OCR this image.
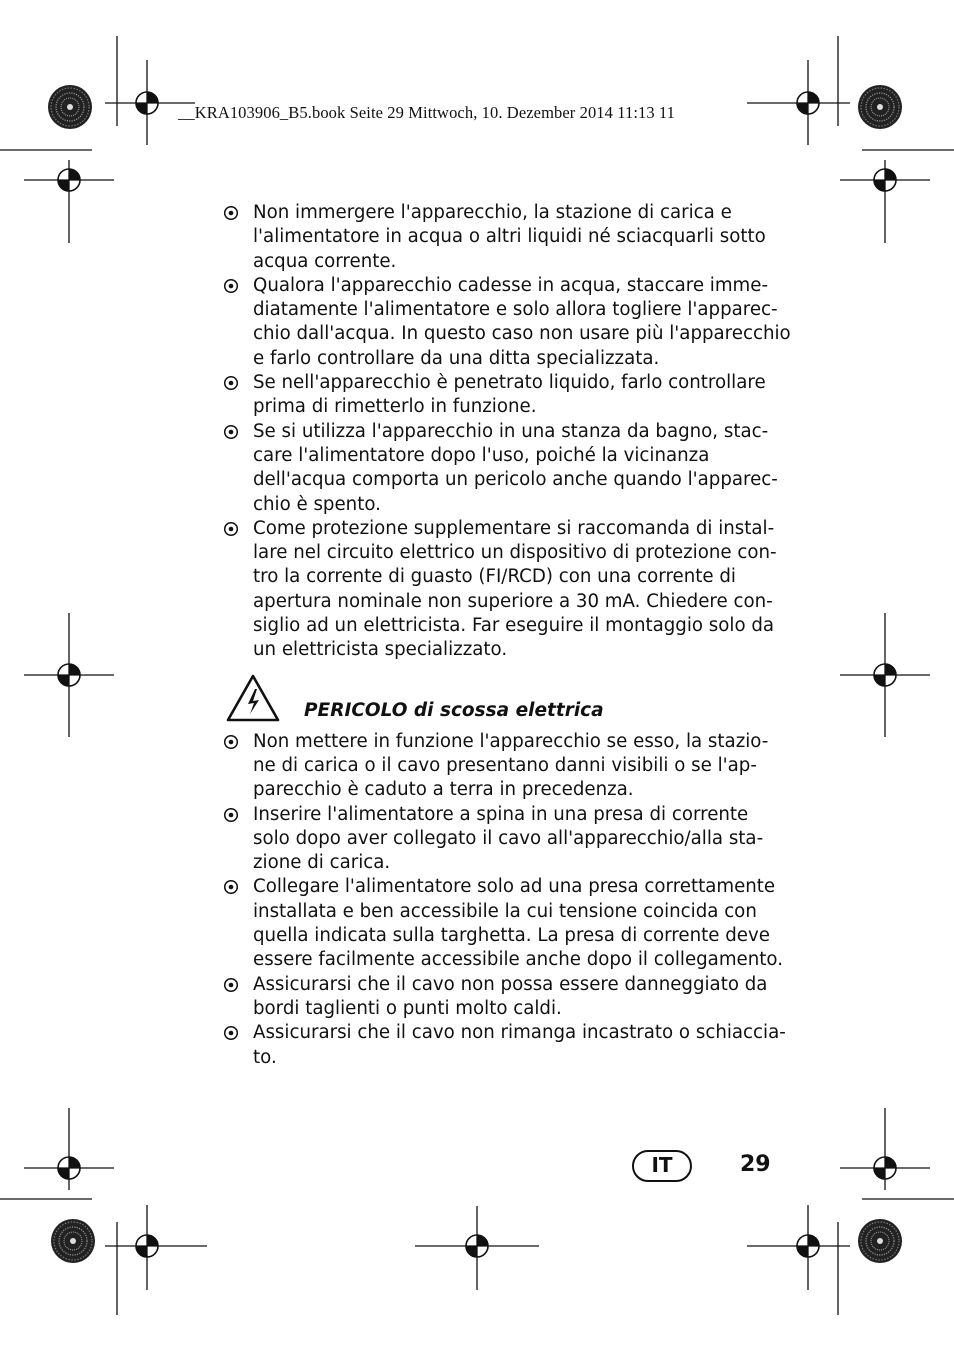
__KRA103906_B5.book Seite 29 Mittwoch, 10. Dezember 2014 11:13 11
Non immergere l'apparecchio, la stazione di carica e
l'alimentatore in acqua o altri liquidi né sciacquarli sotto
acqua corrente.
Qualora l'apparecchio cadesse in acqua, staccare imme-
diatamente l'alimentatore e solo allora togliere l'apparec-
chio dall'acqua. In questo caso non usare più l'apparecchio
e farlo controllare da una ditta specializzata.
Se nell'apparecchio è penetrato liquido, farlo controllare
prima di rimetterlo in funzione.
Se si utilizza l'apparecchio in una stanza da bagno, stac-
care l'alimentatore dopo l'uso, poiché la vicinanza
dell'acqua comporta un pericolo anche quando l'apparec-
chio è spento.
Come protezione supplementare si raccomanda di instal-
lare nel circuito elettrico un dispositivo di protezione con-
tro la corrente di guasto (FI/RCD) con una corrente di
apertura nominale non superiore a 30 mA. Chiedere con-
siglio ad un elettricista. Far eseguire il montaggio solo da
un elettricista specializzato.
PERICOLO di scossa elettrica
Non mettere in funzione l'apparecchio se esso, la stazio-
ne di carica o il cavo presentano danni visibili o se l'ap-
parecchio è caduto a terra in precedenza.
Inserire l'alimentatore a spina in una presa di corrente
solo dopo aver collegato il cavo all'apparecchio/alla sta-
zione di carica.
Collegare l'alimentatore solo ad una presa correttamente
installata e ben accessibile la cui tensione coincida con
quella indicata sulla targhetta. La presa di corrente deve
essere facilmente accessibile anche dopo il collegamento.
Assicurarsi che il cavo non possa essere danneggiato da
bordi taglienti o punti molto caldi.
Assicurarsi che il cavo non rimanga incastrato o schiaccia-
to.
IT	29
